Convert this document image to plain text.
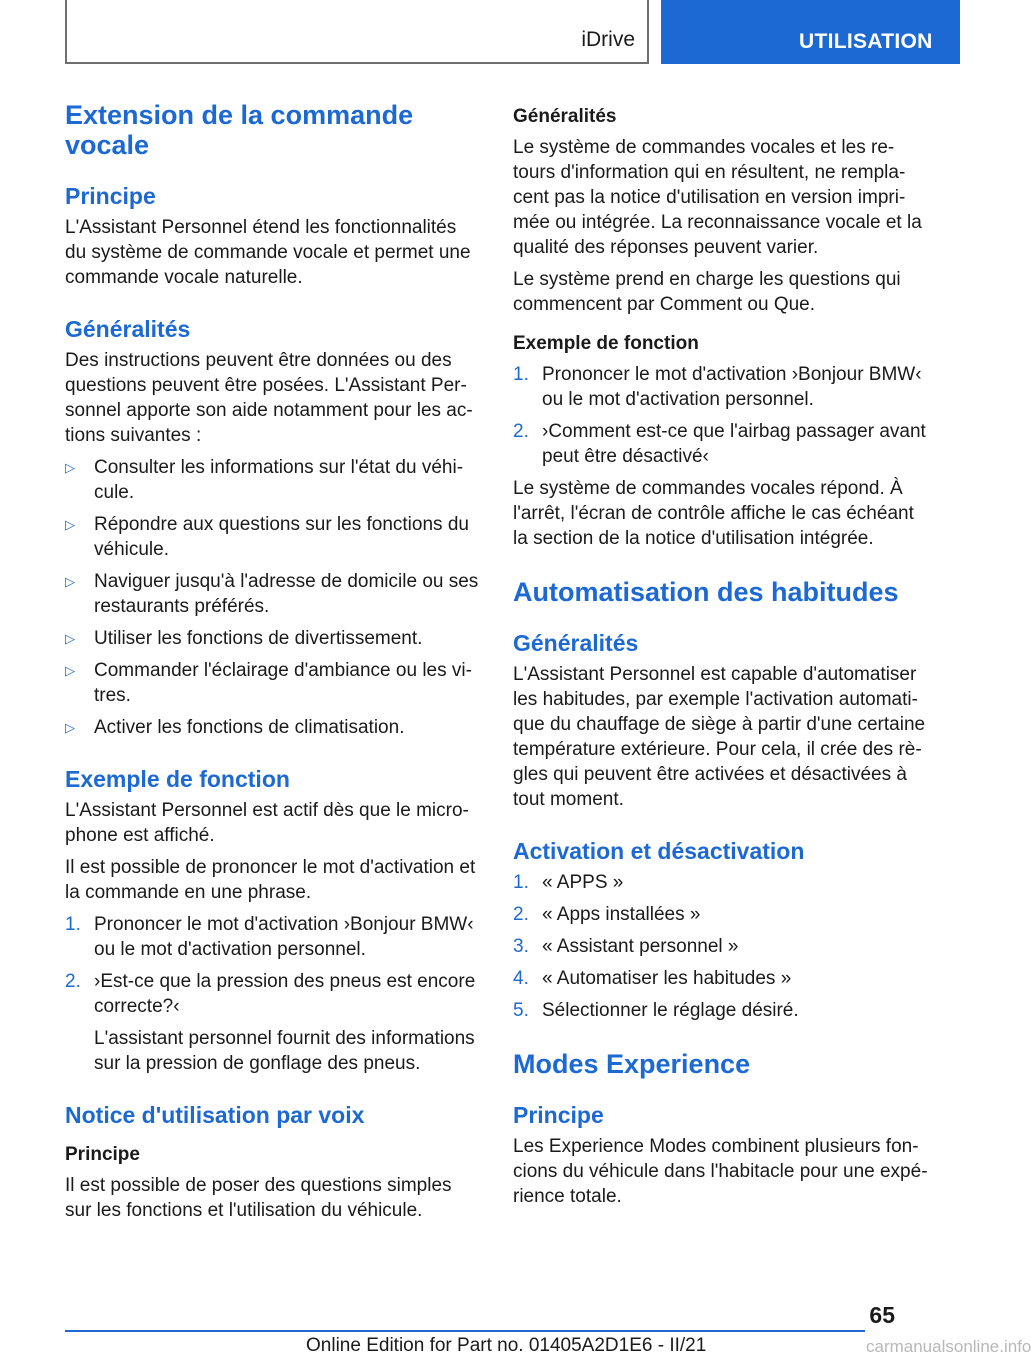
iDrive	UTILISATION
Extension de la commande vocale
Principe

L'Assistant Personnel étend les fonctionnalités du système de commande vocale et permet une commande vocale naturelle.

Généralités

Des instructions peuvent être données ou des questions peuvent être posées. L'Assistant Personnel apporte son aide notamment pour les actions suivantes :

▷ Consulter les informations sur l'état du véhicule.
▷ Répondre aux questions sur les fonctions du véhicule.
▷ Naviguer jusqu'à l'adresse de domicile ou ses restaurants préférés.
▷ Utiliser les fonctions de divertissement.
▷ Commander l'éclairage d'ambiance ou les vitres.
▷ Activer les fonctions de climatisation.
Exemple de fonction

L'Assistant Personnel est actif dès que le microphone est affiché.

Il est possible de prononcer le mot d'activation et la commande en une phrase.

1. Prononcer le mot d'activation ›Bonjour BMW‹ ou le mot d'activation personnel.
2. ›Est-ce que la pression des pneus est encore correcte?‹

L'assistant personnel fournit des informations sur la pression de gonflage des pneus.

Notice d'utilisation par voix
Principe

Il est possible de poser des questions simples sur les fonctions et l'utilisation du véhicule.

Généralités

Le système de commandes vocales et les retours d'information qui en résultent, ne remplacent pas la notice d'utilisation en version imprimée ou intégrée. La reconnaissance vocale et la qualité des réponses peuvent varier.

Le système prend en charge les questions qui commencent par Comment ou Que.

Exemple de fonction
1. Prononcer le mot d'activation ›Bonjour BMW‹ ou le mot d'activation personnel.
2. ›Comment est-ce que l'airbag passager avant peut être désactivé‹

Le système de commandes vocales répond. À l'arrêt, l'écran de contrôle affiche le cas échéant la section de la notice d'utilisation intégrée.

Automatisation des habitudes
Généralités

L'Assistant Personnel est capable d'automatiser les habitudes, par exemple l'activation automatique du chauffage de siège à partir d'une certaine température extérieure. Pour cela, il crée des règles qui peuvent être activées et désactivées à tout moment.

Activation et désactivation
1. « APPS »
2. « Apps installées »
3. « Assistant personnel »
4. « Automatiser les habitudes »
5. Sélectionner le réglage désiré.
Modes Experience
Principe

Les Experience Modes combinent plusieurs foncions du véhicule dans l'habitacle pour une expérience totale.

65
Online Edition for Part no. 01405A2D1E6 - II/21	carmanualsonline.info
